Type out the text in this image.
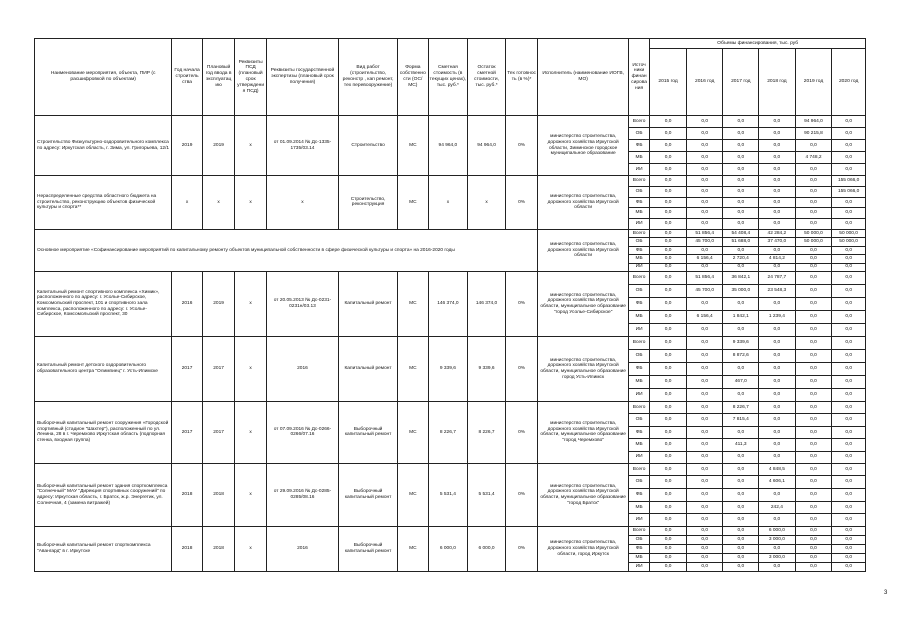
Наименование мероприятия, объекта, ПИР (с расшифровкой по объектам)	Год начала строитель ства	Плановый год ввода в эксплуатац ию	Реквизиты ПСД (плановый срок утверждени я ПСД)	Реквизиты государственной экспертизы (плановый срок получения)	Вид работ (строительство, реконстр , кап ремонт, тех перевооружение)	Форма собственно сти (ОС/ МС)	Сметная стоимость (в текущих ценах), тыс. руб.*	Остаток сметной стоимости, тыс. руб.*	Тех готовнос ть (в %)*	Исполнитель (наименование ИОГВ, МО)	Источ ники финан сирова ния	Объемы финансирования, тыс. руб					
												2015 год	2016 год	2017 год	2018 год	2019 год	2020 год
Строительство Физкультурно-оздоровительного комплекса по адресу: Иркутская область, г. Зима, ул. Григорьева, 12/1	2019	2019	х	от 01.09.2014 № Дс-1335-1735/03.14	Строительство	МС	94 964,0	94 964,0	0%	министерство строительства, дорожного хозяйства Иркутской области, Зиминское городское муниципальное образование	Всего	0,0	0,0	0,0	0,0	94 964,0	0,0
											ОБ	0,0	0,0	0,0	0,0	90 215,8	0,0
											ФБ	0,0	0,0	0,0	0,0	0,0	0,0
											МБ	0,0	0,0	0,0	0,0	4 748,2	0,0
											ИИ	0,0	0,0	0,0	0,0	0,0	0,0
Нераспределенные средства областного бюджета на строительство, реконструкцию объектов физической культуры и спорта**	х	х	х	х	Строительство, реконструкция	МС	х	х	0%	министерство строительства, дорожного хозяйства Иркутской области	Всего	0,0	0,0	0,0	0,0	0,0	155 066,0
											ОБ	0,0	0,0	0,0	0,0	0,0	155 066,0
											ФБ	0,0	0,0	0,0	0,0	0,0	0,0
											МБ	0,0	0,0	0,0	0,0	0,0	0,0
											ИИ	0,0	0,0	0,0	0,0	0,0	0,0
Основное мероприятие «Софинансирование мероприятий по капитальному ремонту объектов муниципальной собственности в сфере физической культуры и спорта» на 2016-2020 годы										министерство строительства, дорожного хозяйства Иркутской области	Всего	0,0	51 856,4	54 408,4	42 284,2	50 000,0	50 000,0
											ОБ	0,0	45 700,0	51 688,0	37 470,0	50 000,0	50 000,0
											ФБ	0,0	0,0	0,0	0,0	0,0	0,0
											МБ	0,0	6 156,4	2 720,4	4 814,2	0,0	0,0
											ИИ	0,0	0,0	0,0	0,0	0,0	0,0
Капитальный ремонт спортивного комплекса «Химик», расположенного по адресу: г. Усолье-Сибирское, Комсомольский проспект, 101 и спортивного зала комплекса, расположенного по адресу: г. Усолье-Сибирское, Комсомольский проспект, 30	2016	2019	х	от 20.05.2013 № Дс-0231-0231н/03.13	Капитальный ремонт	МС	146 374,0	146 374,0	0%	министерство строительства, дорожного хозяйства Иркутской области, муниципальное образование "город Усолье-Сибирское"	Всего	0,0	51 856,4	36 842,1	24 787,7	0,0	0,0
											ОБ	0,0	45 700,0	35 000,0	23 548,3	0,0	0,0
											ФБ	0,0	0,0	0,0	0,0	0,0	0,0
											МБ	0,0	6 156,4	1 842,1	1 239,4	0,0	0,0
											ИИ	0,0	0,0	0,0	0,0	0,0	0,0
Капитальный ремонт детского оздоровительного образовательного центра "Олимпиец" г. Усть-Илимске	2017	2017	х	2016	Капитальный ремонт	МС	9 339,6	9 339,6	0%	министерство строительства, дорожного хозяйства Иркутской области, муниципальное образование город Усть-Илимск	Всего	0,0	0,0	9 339,6	0,0	0,0	0,0
											ОБ	0,0	0,0	8 872,6	0,0	0,0	0,0
											ФБ	0,0	0,0	0,0	0,0	0,0	0,0
											МБ	0,0	0,0	467,0	0,0	0,0	0,0
											ИИ	0,0	0,0	0,0	0,0	0,0	0,0
Выборочный капитальный ремонт сооружения «Городской спортивный (стадион "Шахтер"), расположенный по ул. Ленина, 28 в г. Черемхово Иркутская область (подпорная стенка, входная группа)	2017	2017	х	от 07.09.2016 № Дс-0266-0266/07.16	Выборочный капитальный ремонт	МС	8 226,7	8 226,7	0%	министерство строительства, дорожного хозяйства Иркутской области, муниципальное образование "город Черемхово"	Всего	0,0	0,0	8 226,7	0,0	0,0	0,0
											ОБ	0,0	0,0	7 815,4	0,0	0,0	0,0
											ФБ	0,0	0,0	0,0	0,0	0,0	0,0
											МБ	0,0	0,0	411,3	0,0	0,0	0,0
											ИИ	0,0	0,0	0,0	0,0	0,0	0,0
Выборочный капитальный ремонт здания спорткомплекса "Солнечный" МАУ "Дирекция спортивных сооружений" по адресу: Иркутская область, г. Братск, ж.р. Энергетик, ул. Солнечная, 4 (замена витражей)	2018	2018	х	от 29.09.2016 № Дс-0285-0285/08.16	Выборочный капитальный ремонт	МС	5 531,4	5 531,4	0%	министерство строительства, дорожного хозяйства Иркутской области, муниципальное образование "город Братск"	Всего	0,0	0,0	0,0	4 848,5	0,0	0,0
											ОБ	0,0	0,0	0,0	4 606,1	0,0	0,0
											ФБ	0,0	0,0	0,0	0,0	0,0	0,0
											МБ	0,0	0,0	0,0	242,4	0,0	0,0
											ИИ	0,0	0,0	0,0	0,0	0,0	0,0
Выборочный капитальный ремонт спорткомплекса "Авангард" в г. Иркутске	2018	2018	х	2016	Выборочный капитальный ремонт	МС	6 000,0	6 000,0	0%	министерство строительства, дорожного хозяйства Иркутской области, город Иркутск	Всего	0,0	0,0	0,0	6 000,0	0,0	0,0
											ОБ	0,0	0,0	0,0	3 000,0	0,0	0,0
											ФБ	0,0	0,0	0,0	0,0	0,0	0,0
											МБ	0,0	0,0	0,0	3 000,0	0,0	0,0
											ИИ	0,0	0,0	0,0	0,0	0,0	0,0
3
